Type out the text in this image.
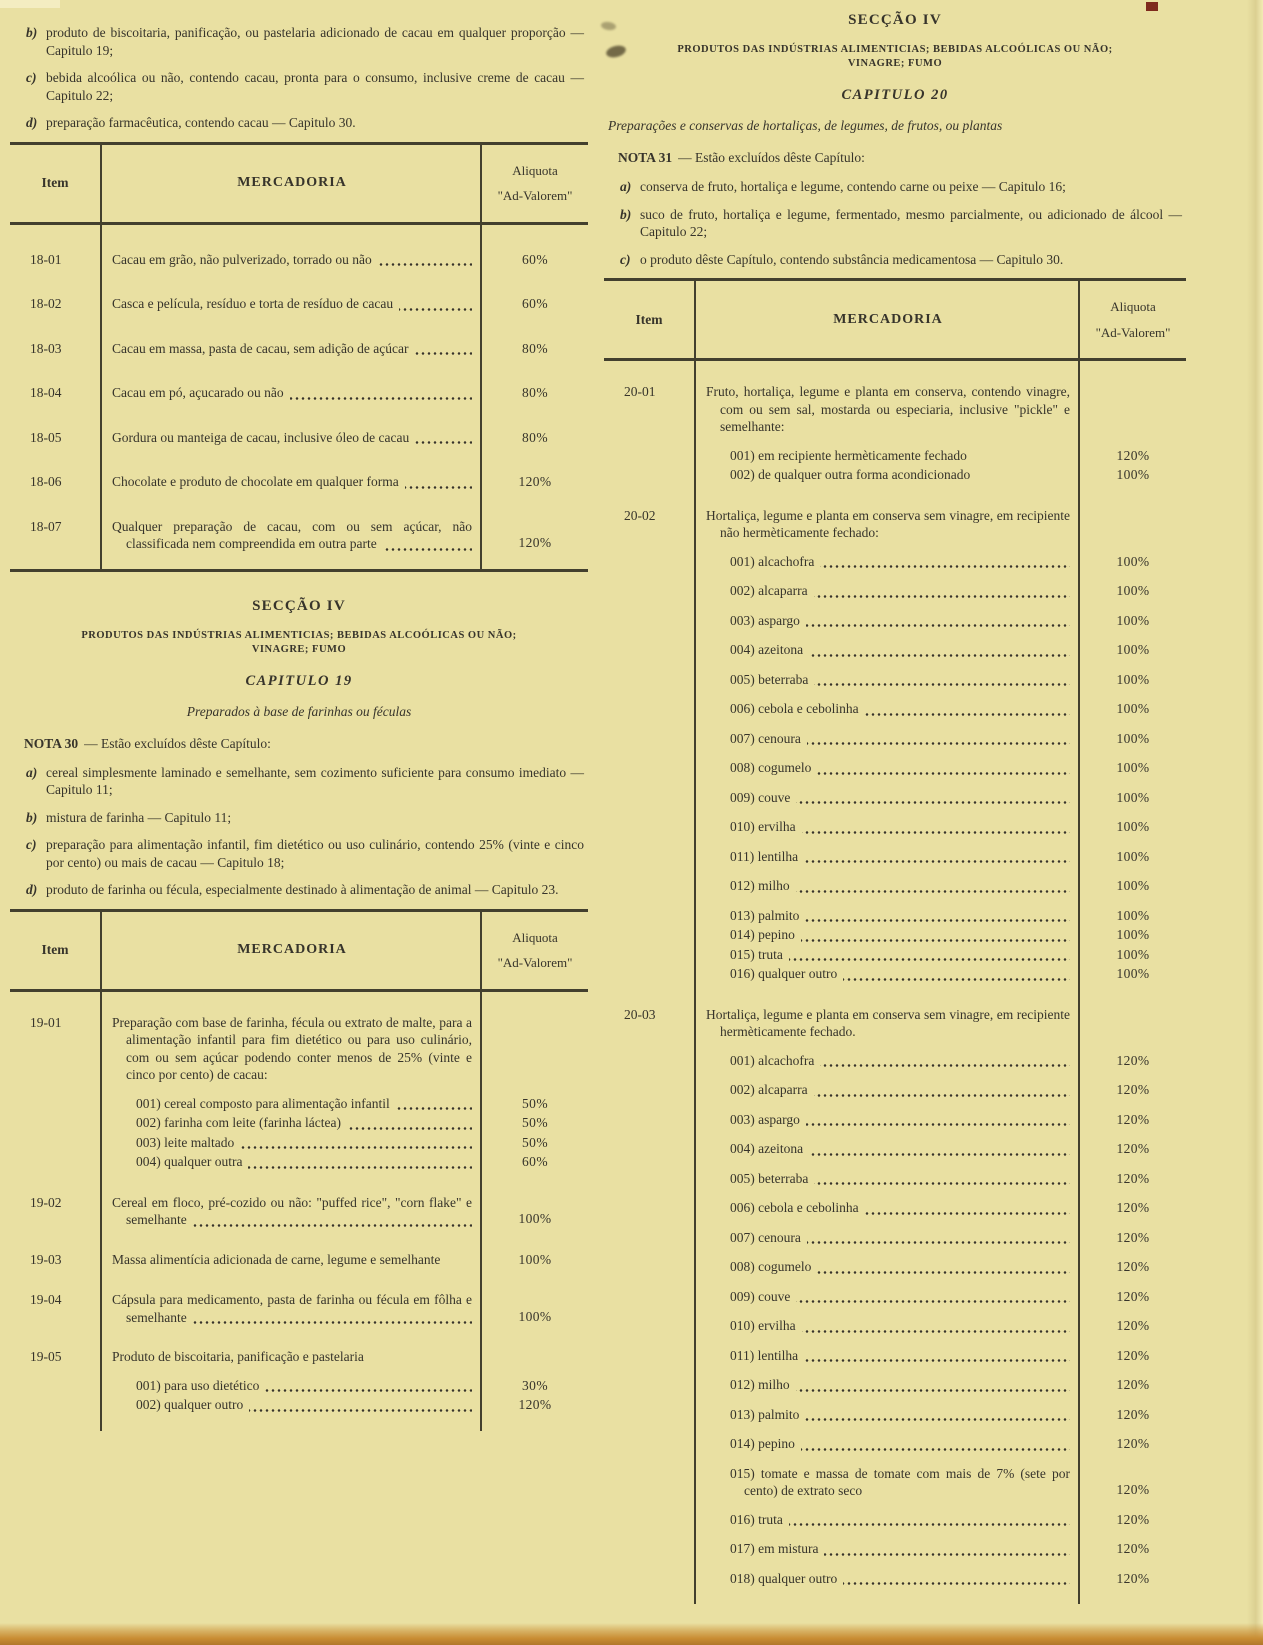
b) produto de biscoitaria, panificação, ou pastelaria adicionado de cacau em qualquer proporção — Capitulo 19;
c) bebida alcoólica ou não, contendo cacau, pronta para o consumo, inclusive creme de cacau — Capitulo 22;
d) preparação farmacêutica, contendo cacau — Capitulo 30.
Item	MERCADORIA
Aliquota
"Ad-Valorem"
18-01	Cacau em grão, não pulverizado, torrado ou não	60%
18-02	Casca e película, resíduo e torta de resíduo de cacau	60%
18-03	Cacau em massa, pasta de cacau, sem adição de açúcar	80%
18-04	Cacau em pó, açucarado ou não	80%
18-05	Gordura ou manteiga de cacau, inclusive óleo de cacau	80%
18-06	Chocolate e produto de chocolate em qualquer forma	120%
18-07	Qualquer preparação de cacau, com ou sem açúcar, não classificada nem compreendida em outra parte	120%
SECÇÃO IV
PRODUTOS DAS INDÚSTRIAS ALIMENTICIAS; BEBIDAS ALCOÓLICAS OU NÃO;
VINAGRE; FUMO
CAPITULO 19
Preparados à base de farinhas ou féculas
NOTA 30 — Estão excluídos dêste Capítulo:
a) cereal simplesmente laminado e semelhante, sem cozimento suficiente para consumo imediato — Capitulo 11;
b) mistura de farinha — Capitulo 11;
c) preparação para alimentação infantil, fim dietético ou uso culinário, contendo 25% (vinte e cinco por cento) ou mais de cacau — Capitulo 18;
d) produto de farinha ou fécula, especialmente destinado à alimentação de animal — Capitulo 23.
Item	MERCADORIA
Aliquota
"Ad-Valorem"
19-01	Preparação com base de farinha, fécula ou extrato de malte, para a alimentação infantil para fim dietético ou para uso culinário, com ou sem açúcar podendo conter menos de 25% (vinte e cinco por cento) de cacau:
001) cereal composto para alimentação infantil	50%
002) farinha com leite (farinha láctea)	50%
003) leite maltado	50%
004) qualquer outra	60%
19-02	Cereal em floco, pré-cozido ou não: "puffed rice", "corn flake" e semelhante	100%
19-03	Massa alimentícia adicionada de carne, legume e semelhante	100%
19-04	Cápsula para medicamento, pasta de farinha ou fécula em fôlha e semelhante	100%
19-05	Produto de biscoitaria, panificação e pastelaria
001) para uso dietético	30%
002) qualquer outro	120%
SECÇÃO IV
PRODUTOS DAS INDÚSTRIAS ALIMENTICIAS; BEBIDAS ALCOÓLICAS OU NÃO;
VINAGRE; FUMO
CAPITULO 20
Preparações e conservas de hortaliças, de legumes, de frutos, ou plantas
NOTA 31 — Estão excluídos dêste Capítulo:
a) conserva de fruto, hortaliça e legume, contendo carne ou peixe — Capitulo 16;
b) suco de fruto, hortaliça e legume, fermentado, mesmo parcialmente, ou adicionado de álcool — Capitulo 22;
c) o produto dêste Capítulo, contendo substância medicamentosa — Capitulo 30.
Item	MERCADORIA
Aliquota
"Ad-Valorem"
20-01	Fruto, hortaliça, legume e planta em conserva, contendo vinagre, com ou sem sal, mostarda ou especiaria, inclusive "pickle" e semelhante:
001) em recipiente hermèticamente fechado	120%
002) de qualquer outra forma acondicionado	100%
20-02	Hortaliça, legume e planta em conserva sem vinagre, em recipiente não hermèticamente fechado:
001) alcachofra	100%
002) alcaparra	100%
003) aspargo	100%
004) azeitona	100%
005) beterraba	100%
006) cebola e cebolinha	100%
007) cenoura	100%
008) cogumelo	100%
009) couve	100%
010) ervilha	100%
011) lentilha	100%
012) milho	100%
013) palmito	100%
014) pepino	100%
015) truta	100%
016) qualquer outro	100%
20-03	Hortaliça, legume e planta em conserva sem vinagre, em recipiente hermèticamente fechado.
001) alcachofra	120%
002) alcaparra	120%
003) aspargo	120%
004) azeitona	120%
005) beterraba	120%
006) cebola e cebolinha	120%
007) cenoura	120%
008) cogumelo	120%
009) couve	120%
010) ervilha	120%
011) lentilha	120%
012) milho	120%
013) palmito	120%
014) pepino	120%
015) tomate e massa de tomate com mais de 7% (sete por cento) de extrato seco	120%
016) truta	120%
017) em mistura	120%
018) qualquer outro	120%
